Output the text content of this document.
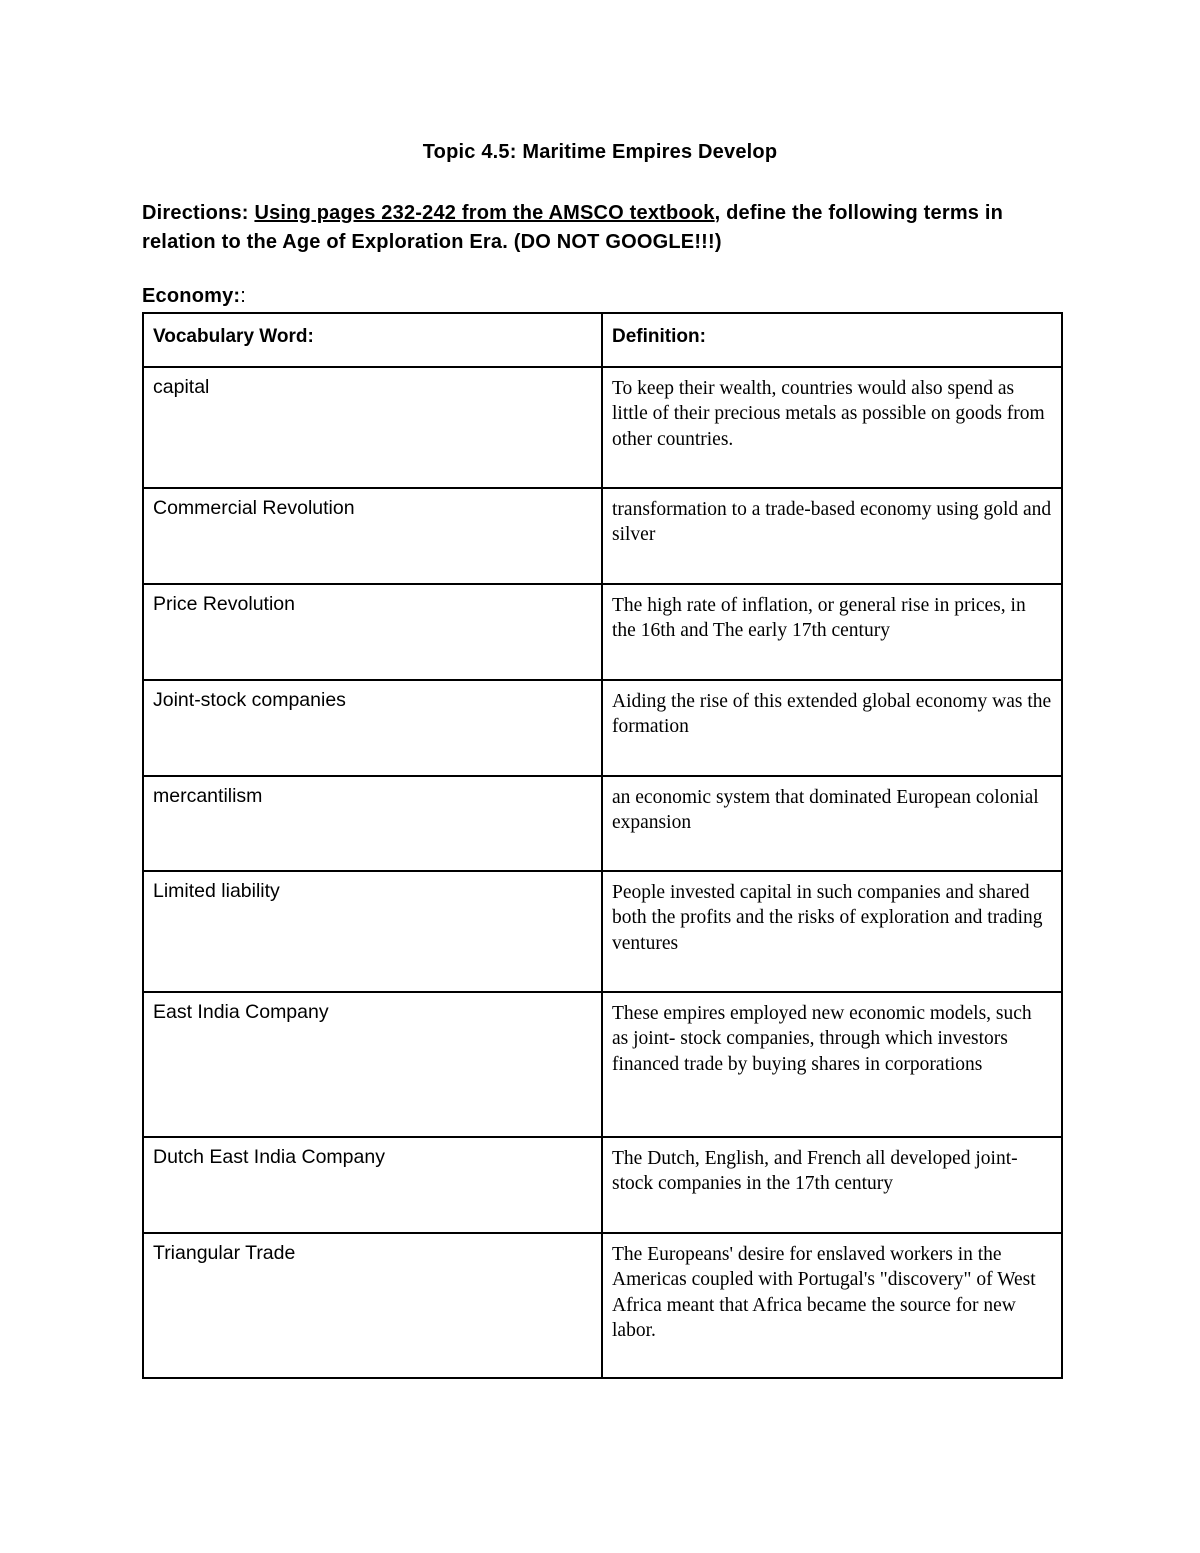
Topic 4.5: Maritime Empires Develop
Directions: Using pages 232-242 from the AMSCO textbook, define the following terms in relation to the Age of Exploration Era. (DO NOT GOOGLE!!!)
Economy::
Vocabulary Word:	Definition:
capital	To keep their wealth, countries would also spend as little of their precious metals as possible on goods from other countries.
Commercial Revolution	transformation to a trade-based economy using gold and silver
Price Revolution	The high rate of inflation, or general rise in prices, in the 16th and The early 17th century
Joint-stock companies	Aiding the rise of this extended global economy was the formation
mercantilism	an economic system that dominated European colonial expansion
Limited liability	People invested capital in such companies and shared both the profits and the risks of exploration and trading ventures
East India Company	These empires employed new economic models, such as joint- stock companies, through which investors financed trade by buying shares in corporations
Dutch East India Company	The Dutch, English, and French all developed joint-stock companies in the 17th century
Triangular Trade	The Europeans' desire for enslaved workers in the Americas coupled with Portugal's "discovery" of West Africa meant that Africa became the source for new labor.
